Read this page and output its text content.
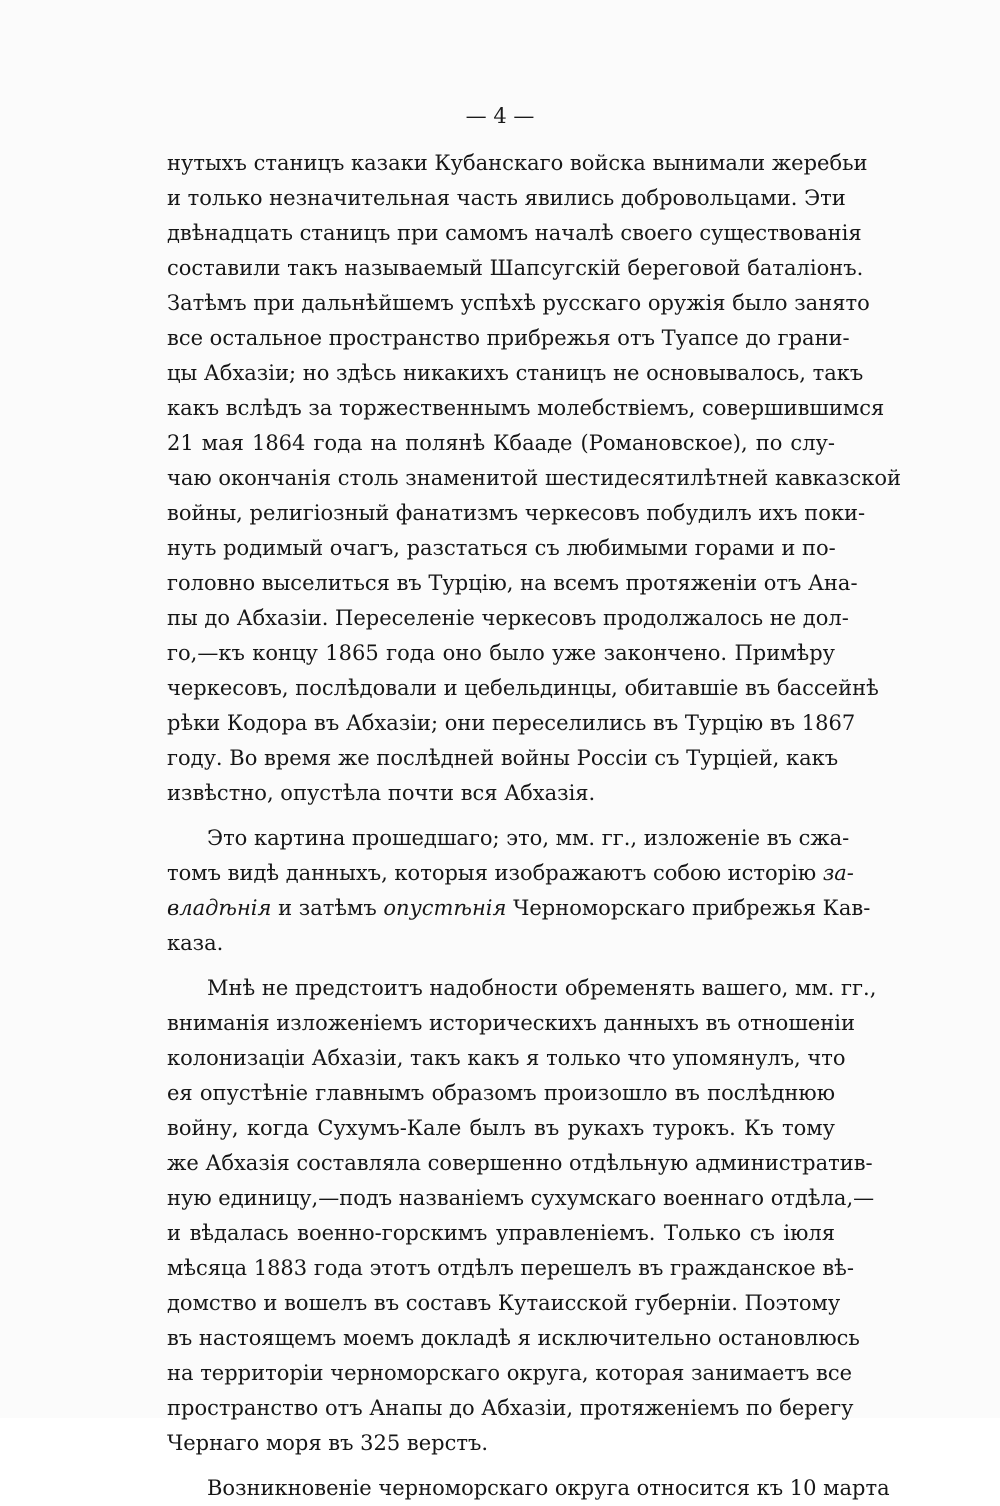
— 4 —
нутыхъ станицъ казаки Кубанскаго войска вынимали жеребьи
и только незначительная часть явились добровольцами. Эти
двѣнадцать станицъ при самомъ началѣ своего существованія
составили такъ называемый Шапсугскій береговой баталіонъ.
Затѣмъ при дальнѣйшемъ успѣхѣ русскаго оружія было занято
все остальное пространство прибрежья отъ Туапсе до грани-
цы Абхазіи; но здѣсь никакихъ станицъ не основывалось, такъ
какъ вслѣдъ за торжественнымъ молебствіемъ, совершившимся
21 мая 1864 года на полянѣ Кбааде (Романовское), по слу-
чаю окончанія столь знаменитой шестидесятилѣтней кавказской
войны, религіозный фанатизмъ черкесовъ побудилъ ихъ поки-
нуть родимый очагъ, разстаться съ любимыми горами и по-
головно выселиться въ Турцію, на всемъ протяженіи отъ Ана-
пы до Абхазіи. Переселеніе черкесовъ продолжалось не дол-
го,—къ концу 1865 года оно было уже закончено. Примѣру
черкесовъ, послѣдовали и цебельдинцы, обитавшіе въ бассейнѣ
рѣки Кодора въ Абхазіи; они переселились въ Турцію въ 1867
году. Во время же послѣдней войны Россіи съ Турціей, какъ
извѣстно, опустѣла почти вся Абхазія.
Это картина прошедшаго; это, мм. гг., изложеніе въ сжа-
томъ видѣ данныхъ, которыя изображаютъ собою исторію за-
владѣнія и затѣмъ опустѣнія Черноморскаго прибрежья Кав-
каза.
Мнѣ не предстоитъ надобности обременять вашего, мм. гг.,
вниманія изложеніемъ историческихъ данныхъ въ отношеніи
колонизаціи Абхазіи, такъ какъ я только что упомянулъ, что
ея опустѣніе главнымъ образомъ произошло въ послѣднюю
войну, когда Сухумъ-Кале былъ въ рукахъ турокъ. Къ тому
же Абхазія составляла совершенно отдѣльную административ-
ную единицу,—подъ названіемъ сухумскаго военнаго отдѣла,—
и вѣдалась военно-горскимъ управленіемъ. Только съ іюля
мѣсяца 1883 года этотъ отдѣлъ перешелъ въ гражданское вѣ-
домство и вошелъ въ составъ Кутаисской губерніи. Поэтому
въ настоящемъ моемъ докладѣ я исключительно остановлюсь
на территоріи черноморскаго округа, которая занимаетъ все
пространство отъ Анапы до Абхазіи, протяженіемъ по берегу
Чернаго моря въ 325 верстъ.
Возникновеніе черноморскаго округа относится къ 10 марта
